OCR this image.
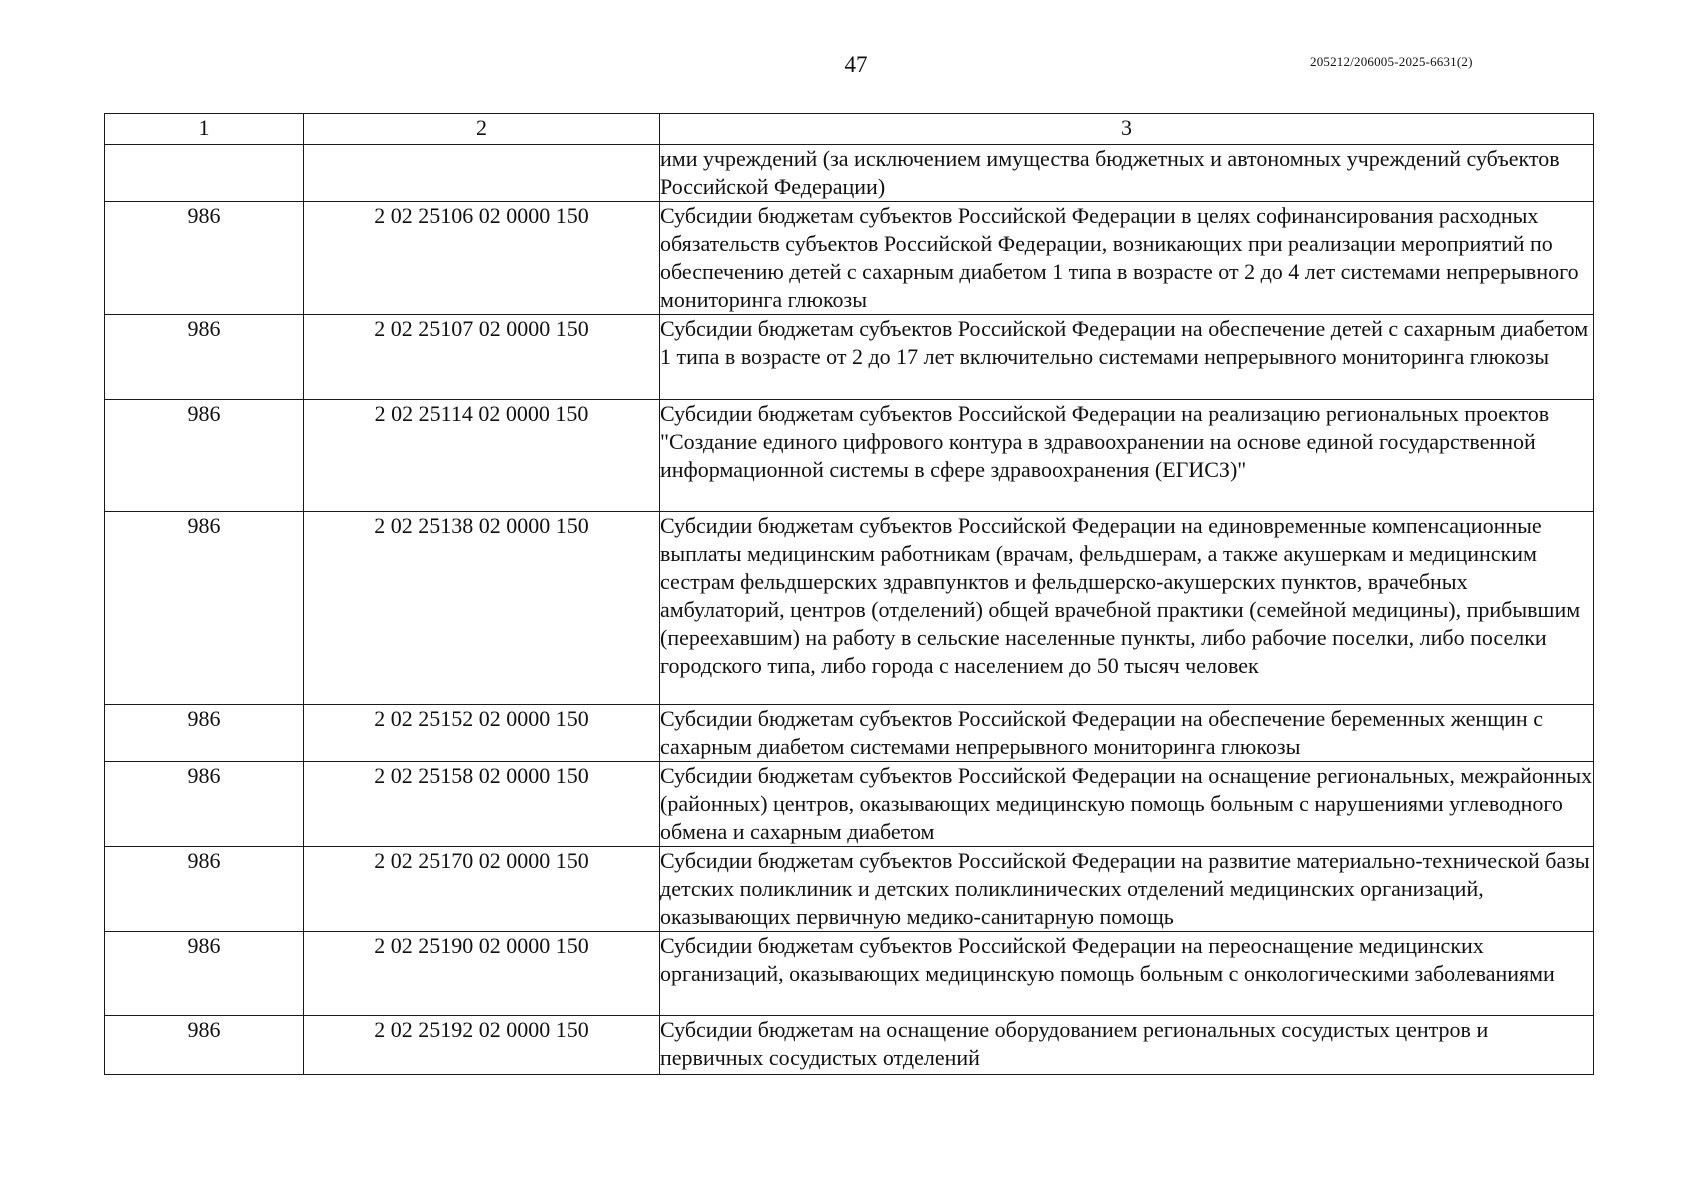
47	205212/206005-2025-6631(2)
1	2	3
		ими учреждений (за исключением имущества бюджетных и автономных учреждений субъектов Российской Федерации)
986	2 02 25106 02 0000 150	Субсидии бюджетам субъектов Российской Федерации в целях софинансирования расходных обязательств субъектов Российской Федерации, возникающих при реализации мероприятий по обеспечению детей с сахарным диабетом 1 типа в возрасте от 2 до 4 лет системами непрерывного мониторинга глюкозы
986	2 02 25107 02 0000 150	Субсидии бюджетам субъектов Российской Федерации на обеспечение детей с сахарным диабетом 1 типа в возрасте от 2 до 17 лет включительно системами непрерывного мониторинга глюкозы
986	2 02 25114 02 0000 150	Субсидии бюджетам субъектов Российской Федерации на реализацию региональных проектов "Создание единого цифрового контура в здравоохранении на основе единой государственной информационной системы в сфере здравоохранения (ЕГИСЗ)"
986	2 02 25138 02 0000 150	Субсидии бюджетам субъектов Российской Федерации на единовременные компенсационные выплаты медицинским работникам (врачам, фельдшерам, а также акушеркам и медицинским сестрам фельдшерских здравпунктов и фельдшерско-акушерских пунктов, врачебных амбулаторий, центров (отделений) общей врачебной практики (семейной медицины), прибывшим (переехавшим) на работу в сельские населенные пункты, либо рабочие поселки, либо поселки городского типа, либо города с населением до 50 тысяч человек
986	2 02 25152 02 0000 150	Субсидии бюджетам субъектов Российской Федерации на обеспечение беременных женщин с сахарным диабетом системами непрерывного мониторинга глюкозы
986	2 02 25158 02 0000 150	Субсидии бюджетам субъектов Российской Федерации на оснащение региональных, межрайонных (районных) центров, оказывающих медицинскую помощь больным с нарушениями углеводного обмена и сахарным диабетом
986	2 02 25170 02 0000 150	Субсидии бюджетам субъектов Российской Федерации на развитие материально-технической базы детских поликлиник и детских поликлинических отделений медицинских организаций, оказывающих первичную медико-санитарную помощь
986	2 02 25190 02 0000 150	Субсидии бюджетам субъектов Российской Федерации на переоснащение медицинских организаций, оказывающих медицинскую помощь больным с онкологическими заболеваниями
986	2 02 25192 02 0000 150	Субсидии бюджетам на оснащение оборудованием региональных сосудистых центров и первичных сосудистых отделений
